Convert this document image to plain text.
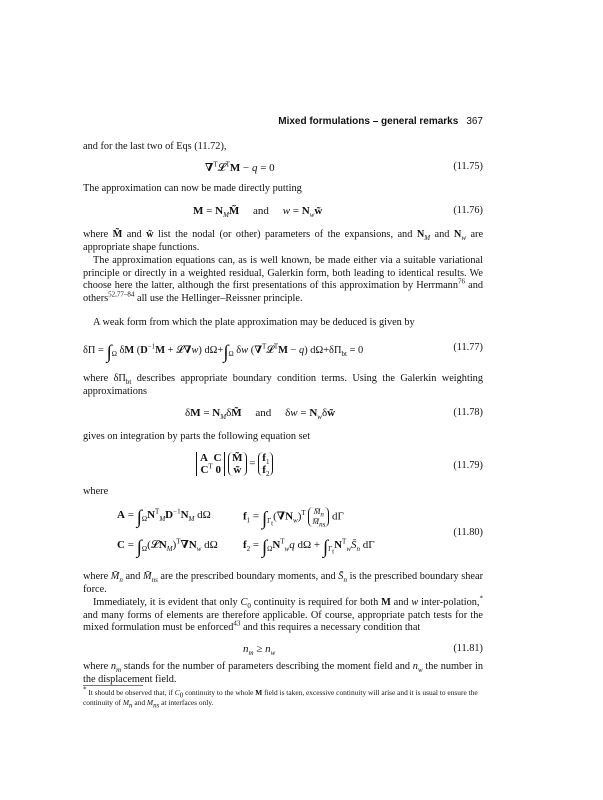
Mixed formulations – general remarks 367
and for the last two of Eqs (11.72),
∇$^T$𝓛$^T$M − q = 0	(11.75)
The approximation can now be made directly putting
$M = N_MM̃$ and $w = N_ww̃$	(11.76)
where M̃ and w̃ list the nodal (or other) parameters of the expansions, and $N_M$ and $N_w$ are appropriate shape functions.
The approximation equations can, as is well known, be made either via a suitable variational principle or directly in a weighted residual, Galerkin form, both leading to identical results. We choose here the latter, although the first presentations of this approximation by Herrmann$^{76}$ and others$^{52,77-84}$ all use the Hellinger–Reissner principle.
A weak form from which the plate approximation may be deduced is given by
$\delta\Pi = \int_\Omega$ δM ($D^{-1}M$ + 𝓛∇w) $d\Omega+\int_\Omega$ δw (∇$^T$𝓛$^T$M − q) $d\Omega+\delta\Pi_{bt} = 0$	(11.77)
where $\delta\Pi_{bt}$ describes appropriate boundary condition terms. Using the Galerkin weighting approximations
$\delta M = N_M\delta M̃$ and     $\delta w = N_w\delta w̃$	(11.78)
gives on integration by parts the following equation set
A C
$C^T$ 0 M̃
w̃ = $f_1$
$f_2$
(11.79)
where
$A = \int_\Omega N^T_MD^{-1}N_M$ dΩ	$f_1 = \int_{\Gamma_t}(\nabla N_w)^T$ $M̄_n$
$M̄_{ns}$ dΓ
$C = \int_\Omega(𝓛N_M)^T\nabla N_w$ dΩ $f_2 = \int_\Omega N^T_wq$ $d\Omega + \int_{\Gamma_t}N^T_wS̄_n$ dΓ
(11.80)
where $M̄_n$ and $M̄_{ns}$ are the prescribed boundary moments, and $S̄_n$ is the prescribed boundary shear force.
Immediately, it is evident that only $C_0$ continuity is required for both M and w inter-polation,* and many forms of elements are therefore applicable. Of course, appropriate patch tests for the mixed formulation must be enforced$^{43}$ and this requires a necessary condition that
$n_m \ge n_w$	(11.81)
where $n_m$ stands for the number of parameters describing the moment field and $n_w$ the number in the displacement field.
* It should be observed that, if $C_0$ continuity to the whole M field is taken, excessive continuity will arise and it is usual to ensure the continuity of $M_n$ and $M_{ns}$ at interfaces only.
